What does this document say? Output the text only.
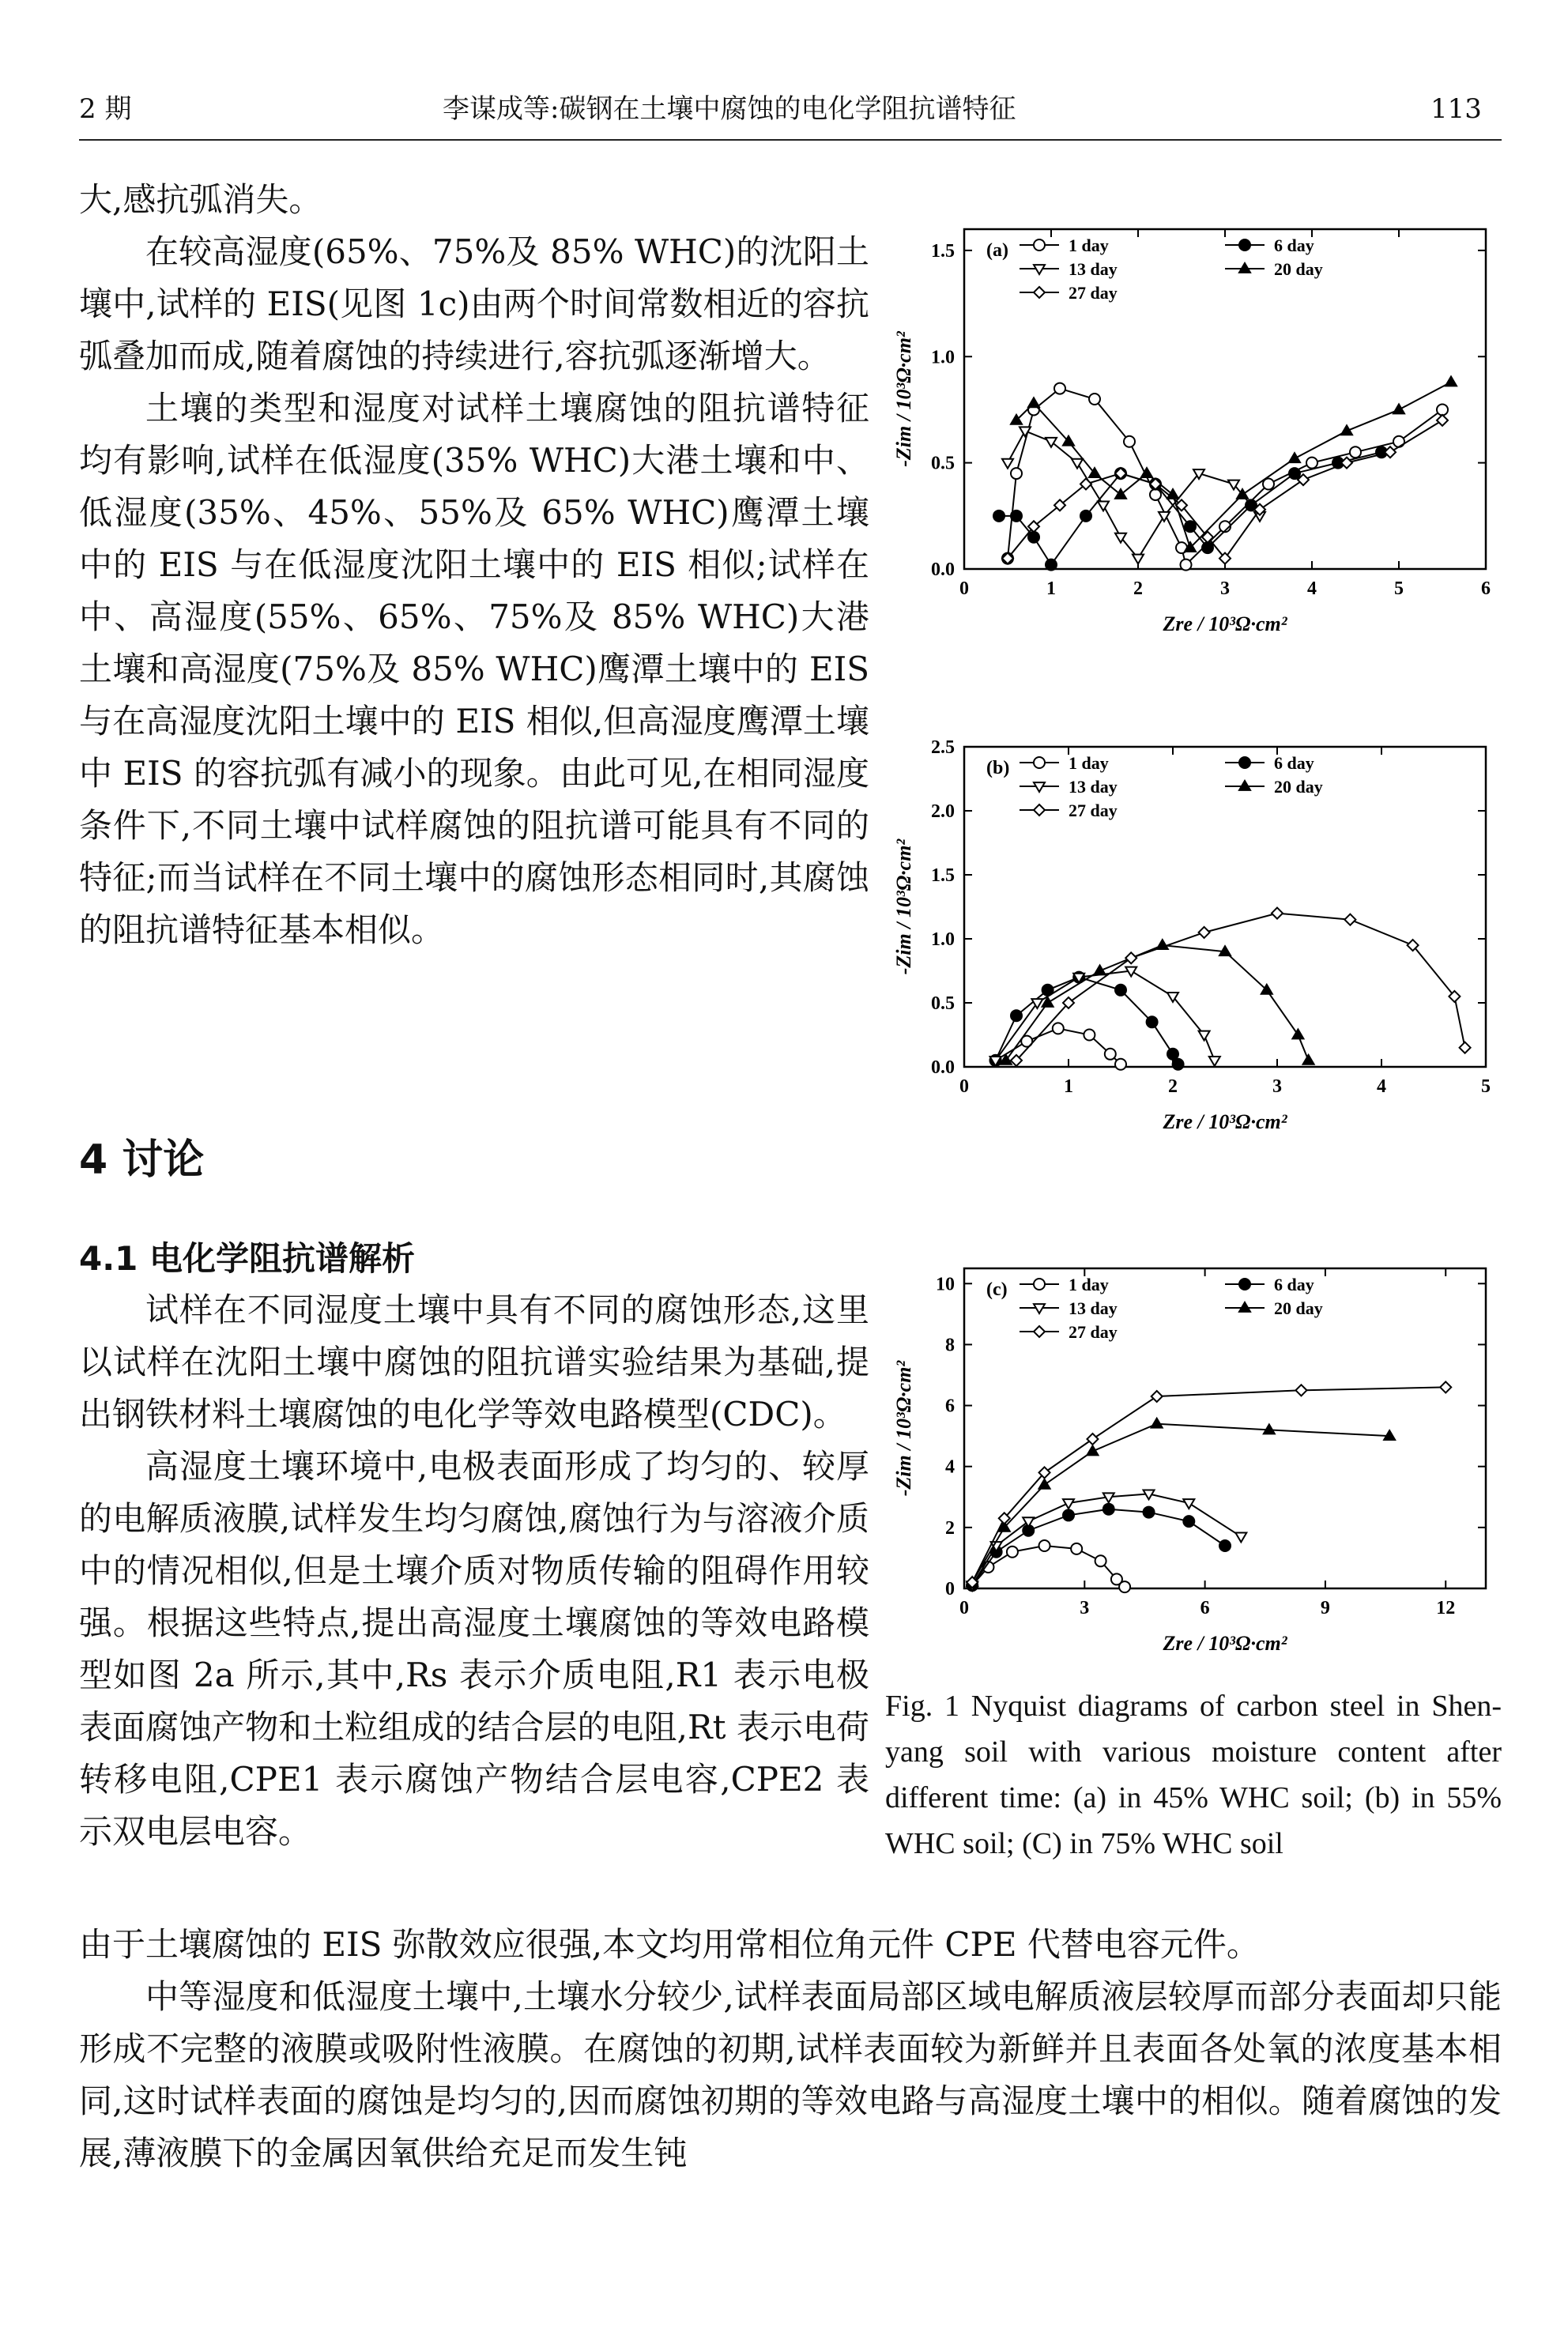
2 期	李谋成等:碳钢在土壤中腐蚀的电化学阻抗谱特征	113

大,感抗弧消失。

在较高湿度(65%、75%及 85% WHC)的沈阳土壤中,试样的 EIS(见图 1c)由两个时间常数相近的容抗弧叠加而成,随着腐蚀的持续进行,容抗弧逐渐增大。

土壤的类型和湿度对试样土壤腐蚀的阻抗谱特征均有影响,试样在低湿度(35% WHC)大港土壤和中、低湿度(35%、45%、55%及 65% WHC)鹰潭土壤中的 EIS 与在低湿度沈阳土壤中的 EIS 相似;试样在中、高湿度(55%、65%、75%及 85% WHC)大港土壤和高湿度(75%及 85% WHC)鹰潭土壤中的 EIS 与在高湿度沈阳土壤中的 EIS 相似,但高湿度鹰潭土壤中 EIS 的容抗弧有减小的现象。由此可见,在相同湿度条件下,不同土壤中试样腐蚀的阻抗谱可能具有不同的特征;而当试样在不同土壤中的腐蚀形态相同时,其腐蚀的阻抗谱特征基本相似。

4 讨论
4.1 电化学阻抗谱解析

试样在不同湿度土壤中具有不同的腐蚀形态,这里以试样在沈阳土壤中腐蚀的阻抗谱实验结果为基础,提出钢铁材料土壤腐蚀的电化学等效电路模型(CDC)。

高湿度土壤环境中,电极表面形成了均匀的、较厚的电解质液膜,试样发生均匀腐蚀,腐蚀行为与溶液介质中的情况相似,但是土壤介质对物质传输的阻碍作用较强。根据这些特点,提出高湿度土壤腐蚀的等效电路模型如图 2a 所示,其中,Rs 表示介质电阻,R1 表示电极表面腐蚀产物和土粒组成的结合层的电阻,Rt 表示电荷转移电阻,CPE1 表示腐蚀产物结合层电容,CPE2 表示双电层电容。

由于土壤腐蚀的 EIS 弥散效应很强,本文均用常相位角元件 CPE 代替电容元件。

中等湿度和低湿度土壤中,土壤水分较少,试样表面局部区域电解质液层较厚而部分表面却只能形成不完整的液膜或吸附性液膜。在腐蚀的初期,试样表面较为新鲜并且表面各处氧的浓度基本相同,这时试样表面的腐蚀是均匀的,因而腐蚀初期的等效电路与高湿度土壤中的相似。随着腐蚀的发展,薄液膜下的金属因氧供给充足而发生钝

0	1	2	3	4	5	6
0.0
0.5
1.0
1.5
Zre / 10³Ω·cm²
-Zim / 10³Ω·cm²
(a)	1 day	6 day
13 day	20 day
27 day
0	1	2	3	4	5
0.0
0.5
1.0
1.5
2.0
2.5
Zre / 10³Ω·cm²
-Zim / 10³Ω·cm²
(b)	1 day	6 day
13 day	20 day
27 day
0	3	6	9	12
0
2
4
6
8
10
Zre / 10³Ω·cm²
-Zim / 10³Ω·cm²
(c)	1 day	6 day
13 day	20 day
27 day
Fig. 1 Nyquist diagrams of carbon steel in Shen-yang soil with various moisture content after different time: (a) in 45% WHC soil; (b) in 55% WHC soil; (C) in 75% WHC soil
